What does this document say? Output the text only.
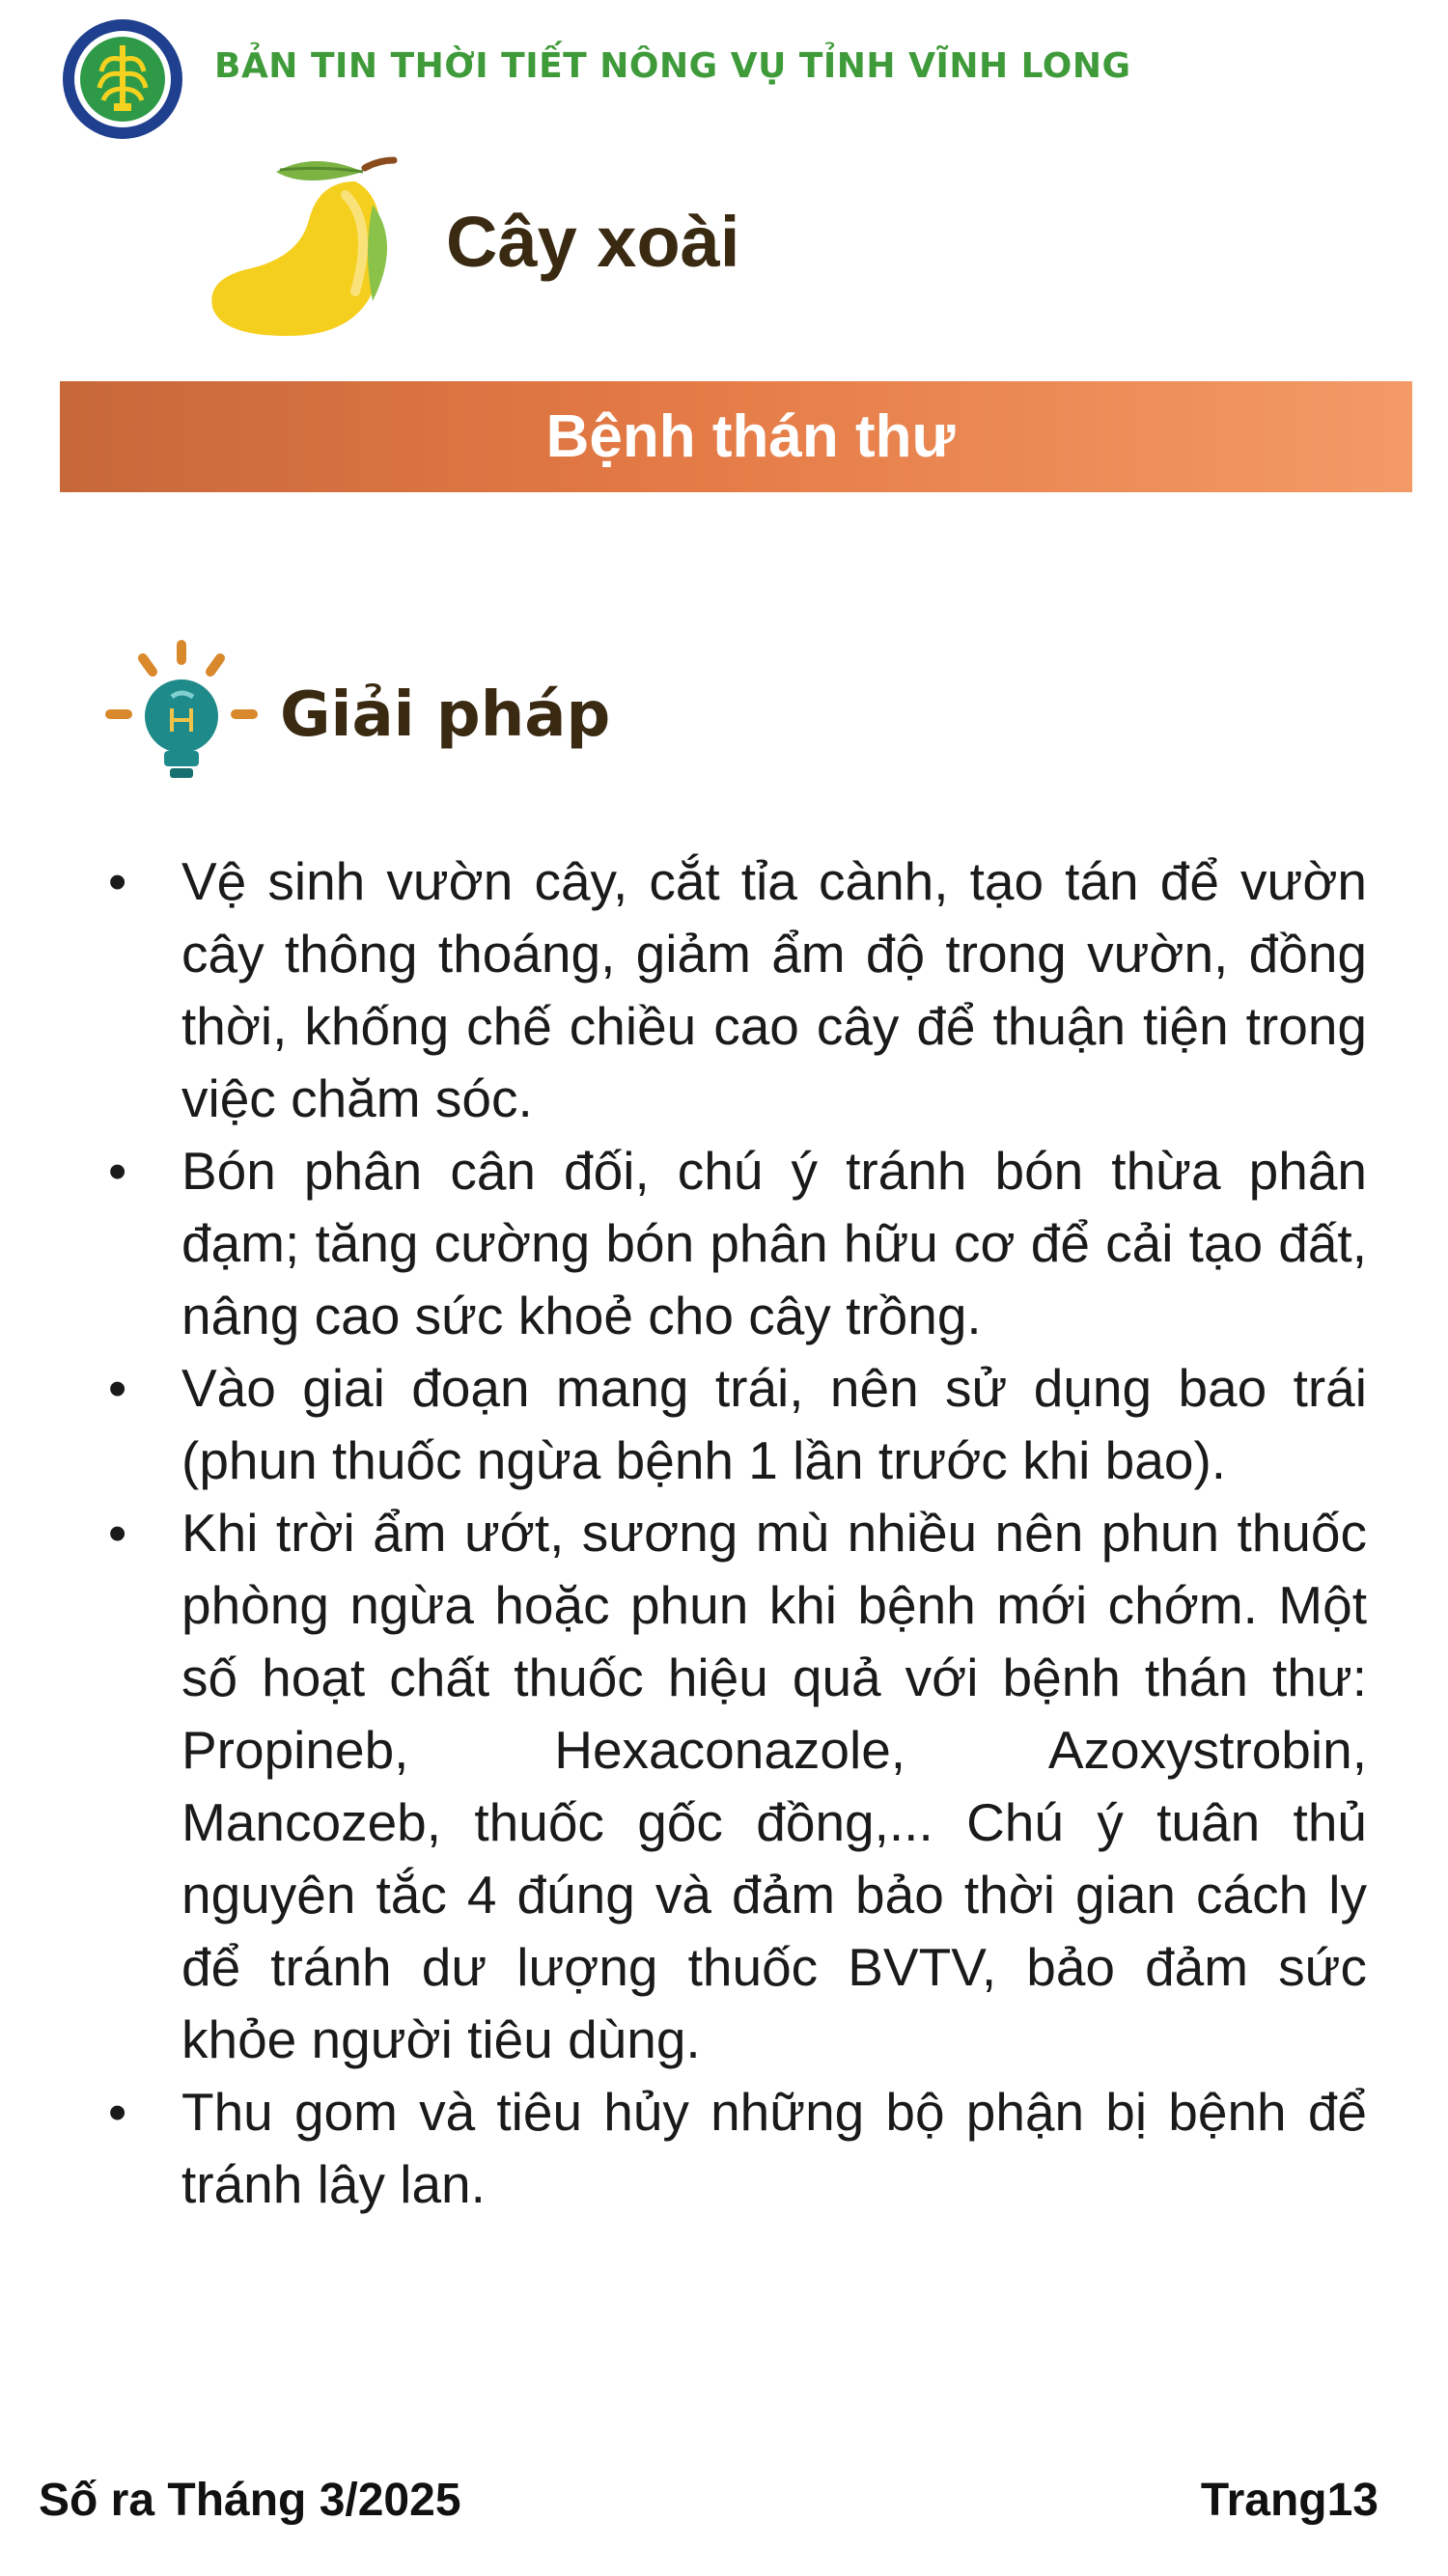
BẢN TIN THỜI TIẾT NÔNG VỤ TỈNH VĨNH LONG
Cây xoài
Bệnh thán thư
Giải pháp
•	Vệ sinh vườn cây, cắt tỉa cành, tạo tán để vườn cây thông thoáng, giảm ẩm độ trong vườn, đồng thời, khống chế chiều cao cây để thuận tiện trong việc chăm sóc.
•	Bón phân cân đối, chú ý tránh bón thừa phân đạm; tăng cường bón phân hữu cơ để cải tạo đất, nâng cao sức khoẻ cho cây trồng.
•	Vào giai đoạn mang trái, nên sử dụng bao trái (phun thuốc ngừa bệnh 1 lần trước khi bao).
•	Khi trời ẩm ướt, sương mù nhiều nên phun thuốc phòng ngừa hoặc phun khi bệnh mới chớm. Một số hoạt chất thuốc hiệu quả với bệnh thán thư: Propineb, Hexaconazole, Azoxystrobin, Mancozeb, thuốc gốc đồng,... Chú ý tuân thủ nguyên tắc 4 đúng và đảm bảo thời gian cách ly để tránh dư lượng thuốc BVTV, bảo đảm sức khỏe người tiêu dùng.
•	Thu gom và tiêu hủy những bộ phận bị bệnh để tránh lây lan.
Số ra Tháng 3/2025	Trang13
